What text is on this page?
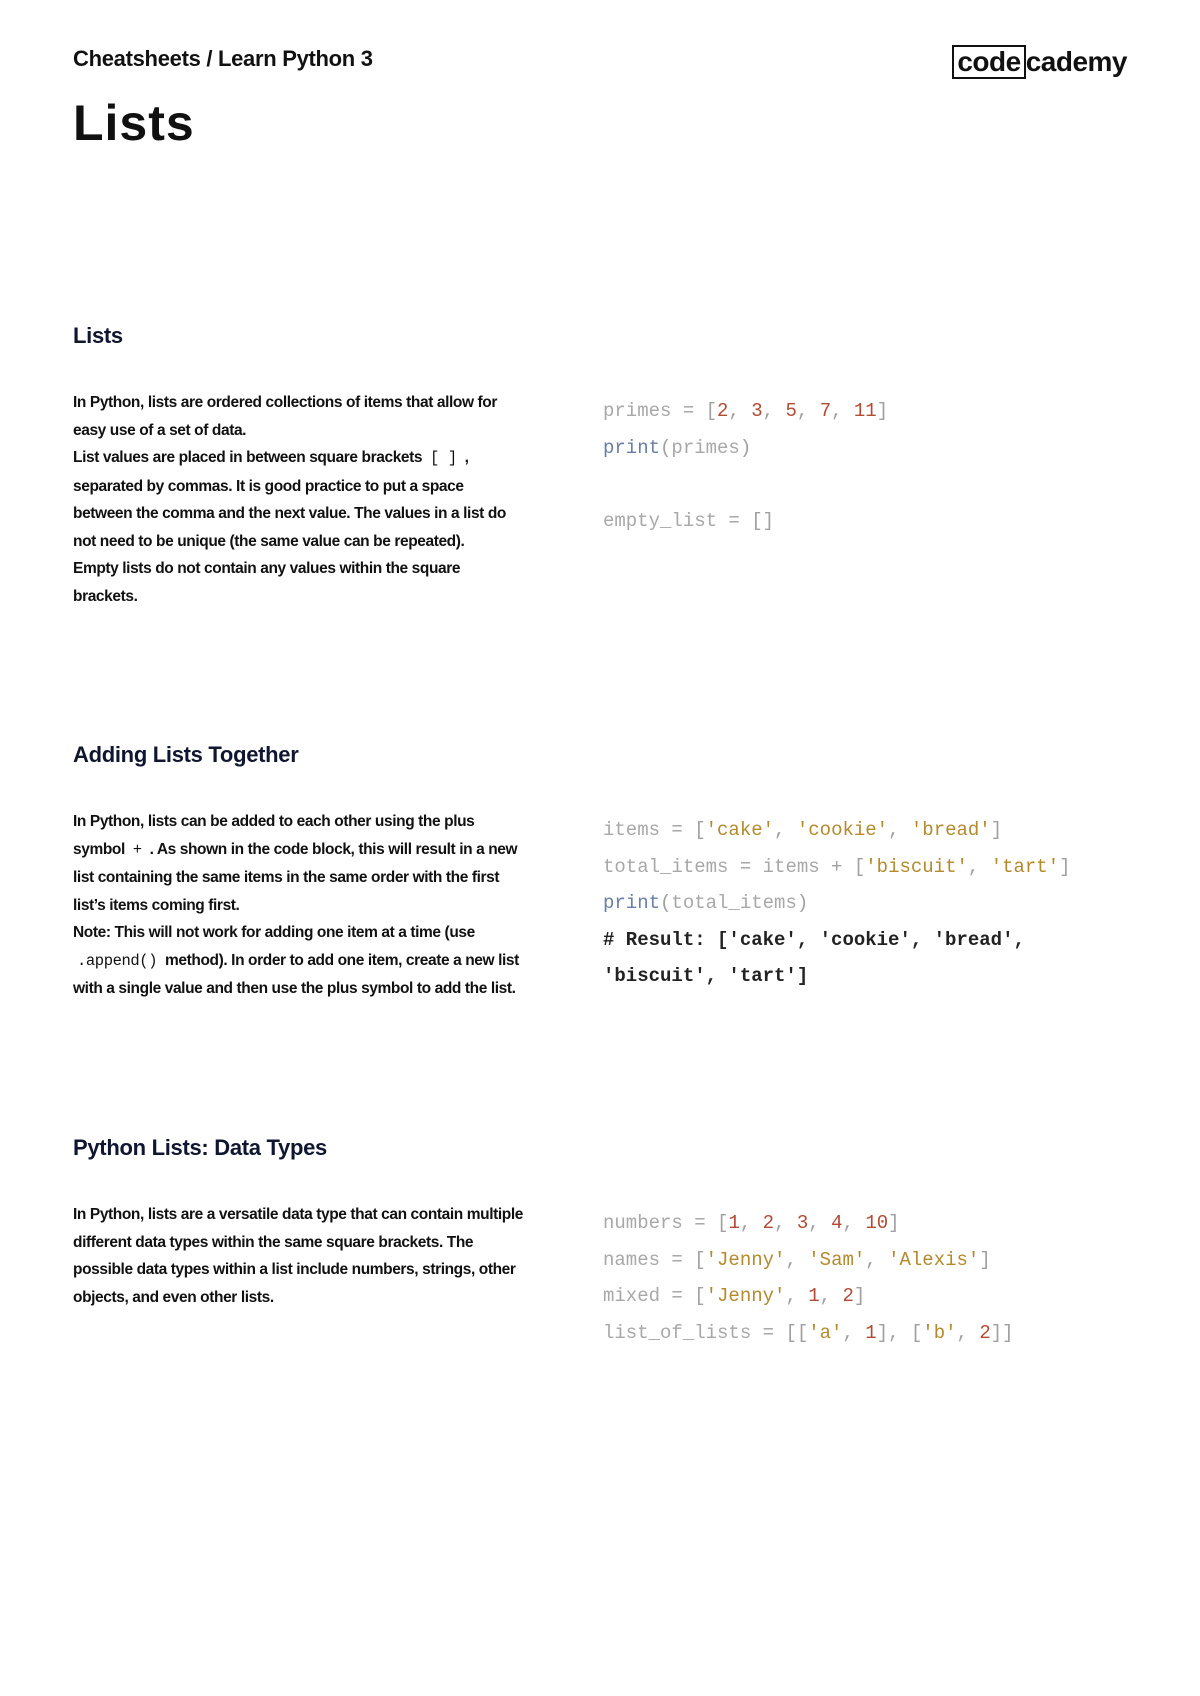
Cheatsheets / Learn Python 3
Lists
code cademy
Lists

In Python, lists are ordered collections of items that allow for easy use of a set of data.

List values are placed in between square brackets [ ] , separated by commas. It is good practice to put a space between the comma and the next value. The values in a list do not need to be unique (the same value can be repeated).

Empty lists do not contain any values within the square brackets.

primes = [2, 3, 5, 7, 11]
print(primes)
empty_list = []
Adding Lists Together

In Python, lists can be added to each other using the plus symbol + . As shown in the code block, this will result in a new list containing the same items in the same order with the first list’s items coming first.

Note: This will not work for adding one item at a time (use .append() method). In order to add one item, create a new list with a single value and then use the plus symbol to add the list.

items = ['cake', 'cookie', 'bread']
total_items = items + ['biscuit', 'tart']
print(total_items)
# Result: ['cake', 'cookie', 'bread',
'biscuit', 'tart']
Python Lists: Data Types

In Python, lists are a versatile data type that can contain multiple different data types within the same square brackets. The possible data types within a list include numbers, strings, other objects, and even other lists.

numbers = [1, 2, 3, 4, 10]
names = ['Jenny', 'Sam', 'Alexis']
mixed = ['Jenny', 1, 2]
list_of_lists = [['a', 1], ['b', 2]]
